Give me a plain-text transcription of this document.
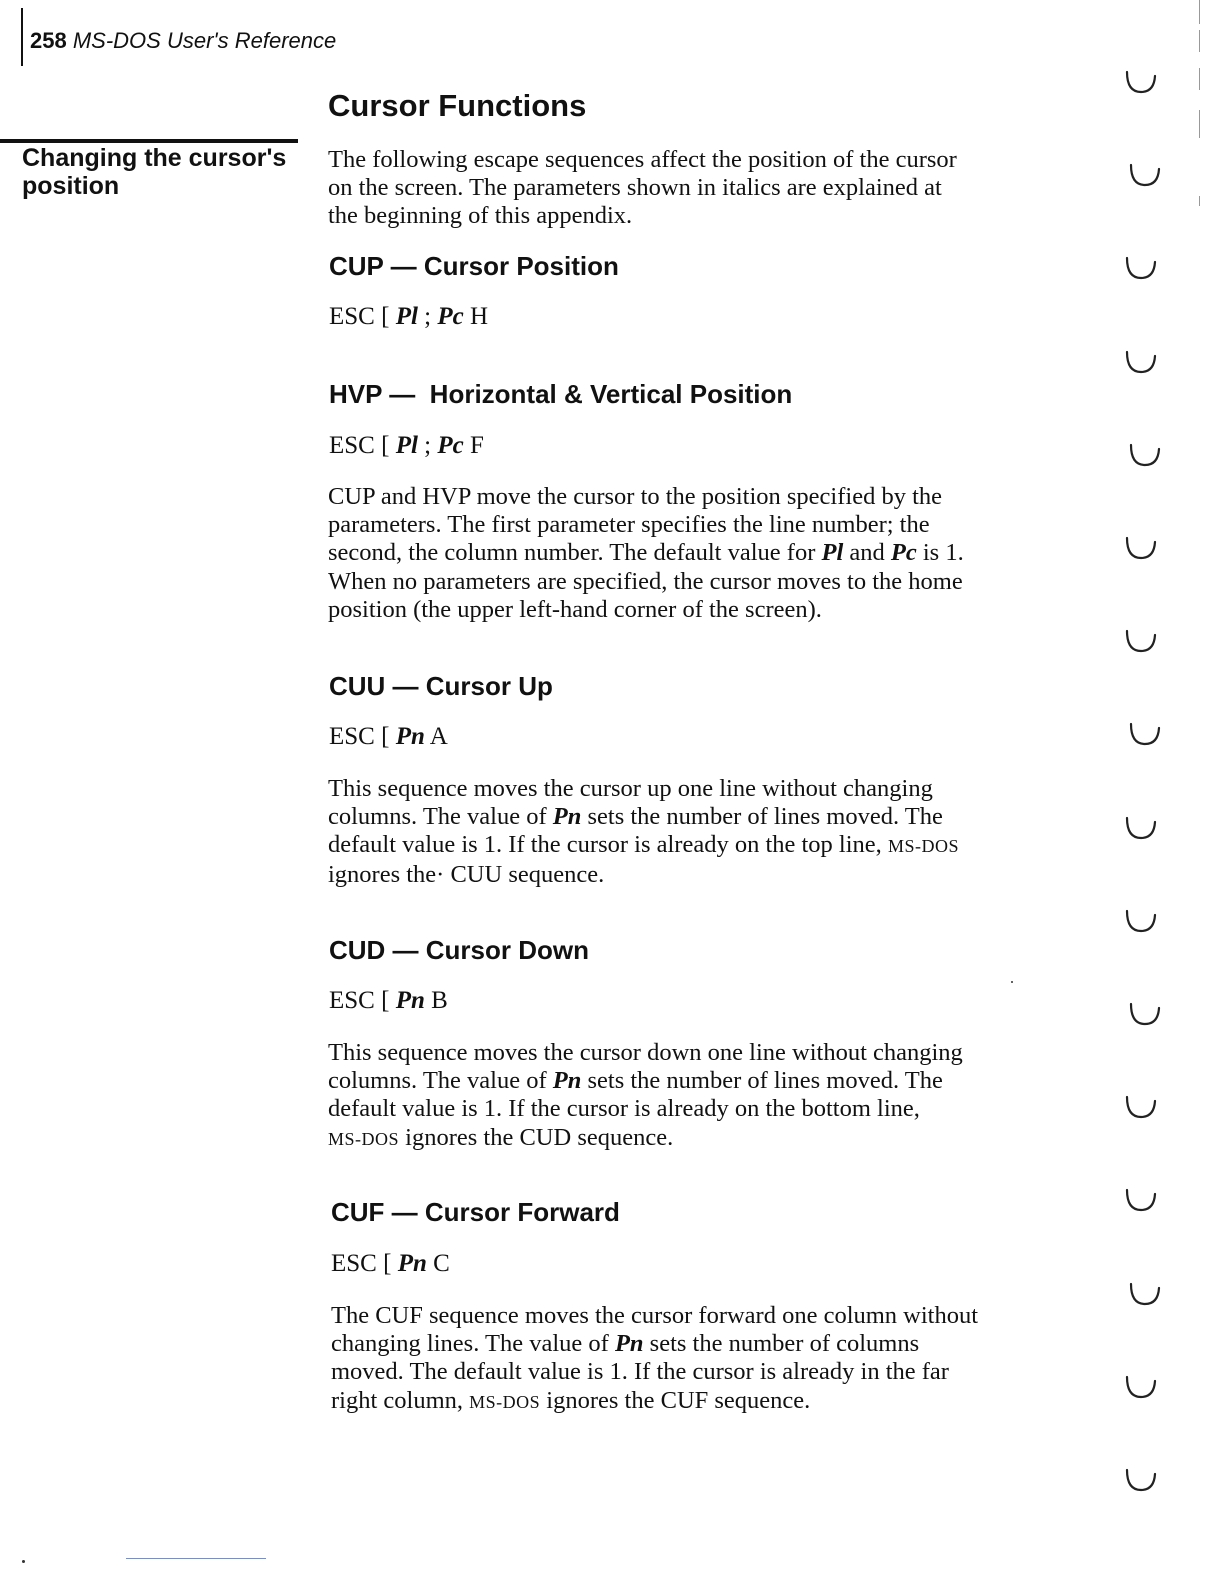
258 MS-DOS User's Reference
Changing the cursor's
position
Cursor Functions
The following escape sequences affect the position of the cursor
on the screen. The parameters shown in italics are explained at
the beginning of this appendix.
CUP — Cursor Position
ESC [ Pl ; Pc H
HVP — Horizontal & Vertical Position
ESC [ Pl ; Pc F
CUP and HVP move the cursor to the position specified by the
parameters. The first parameter specifies the line number; the
second, the column number. The default value for Pl and Pc is 1.
When no parameters are specified, the cursor moves to the home
position (the upper left-hand corner of the screen).
CUU — Cursor Up
ESC [ Pn A
This sequence moves the cursor up one line without changing
columns. The value of Pn sets the number of lines moved. The
default value is 1. If the cursor is already on the top line, MS-DOS
ignores the· CUU sequence.
CUD — Cursor Down
ESC [ Pn B
This sequence moves the cursor down one line without changing
columns. The value of Pn sets the number of lines moved. The
default value is 1. If the cursor is already on the bottom line,
MS-DOS ignores the CUD sequence.
CUF — Cursor Forward
ESC [ Pn C
The CUF sequence moves the cursor forward one column without
changing lines. The value of Pn sets the number of columns
moved. The default value is 1. If the cursor is already in the far
right column, MS-DOS ignores the CUF sequence.
